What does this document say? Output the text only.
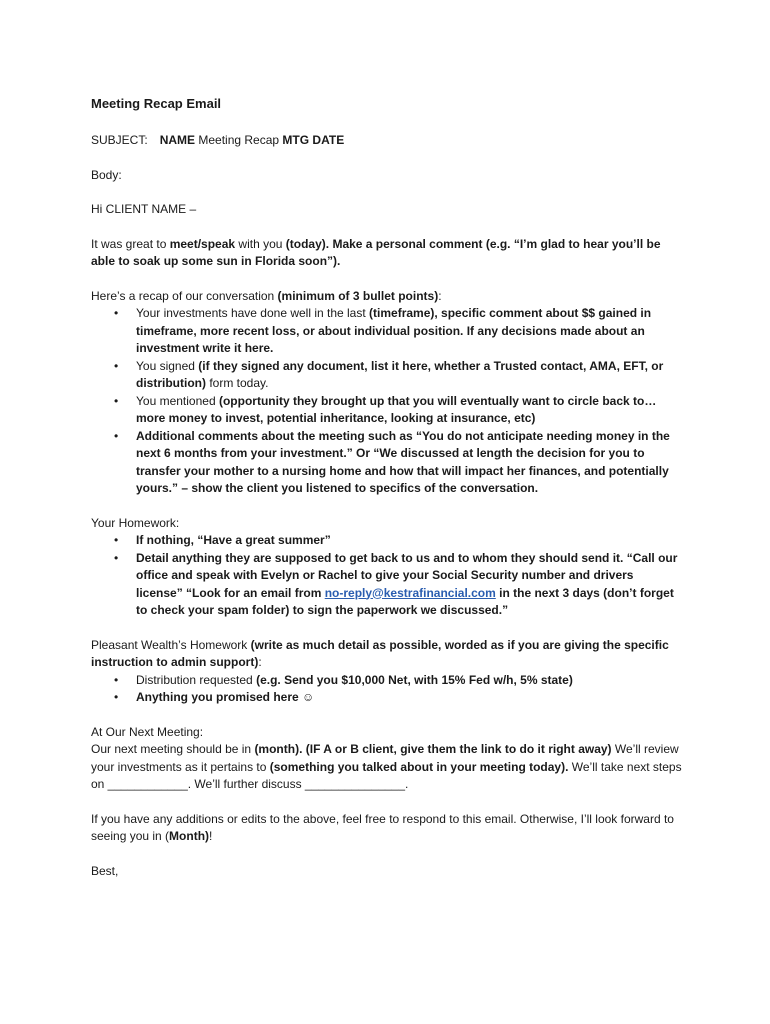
Meeting Recap Email

SUBJECT: NAME Meeting Recap MTG DATE

Body:

Hi CLIENT NAME –

It was great to meet/speak with you (today). Make a personal comment (e.g. “I’m glad to hear you’ll be able to soak up some sun in Florida soon”).

Here’s a recap of our conversation (minimum of 3 bullet points):

• Your investments have done well in the last (timeframe), specific comment about $$ gained in timeframe, more recent loss, or about individual position. If any decisions made about an investment write it here.
• You signed (if they signed any document, list it here, whether a Trusted contact, AMA, EFT, or distribution) form today.
• You mentioned (opportunity they brought up that you will eventually want to circle back to… more money to invest, potential inheritance, looking at insurance, etc)
• Additional comments about the meeting such as “You do not anticipate needing money in the next 6 months from your investment.” Or “We discussed at length the decision for you to transfer your mother to a nursing home and how that will impact her finances, and potentially yours.” – show the client you listened to specifics of the conversation.

Your Homework:

• If nothing, “Have a great summer”
• Detail anything they are supposed to get back to us and to whom they should send it. “Call our office and speak with Evelyn or Rachel to give your Social Security number and drivers license” “Look for an email from no-reply@kestrafinancial.com in the next 3 days (don’t forget to check your spam folder) to sign the paperwork we discussed.”

Pleasant Wealth’s Homework (write as much detail as possible, worded as if you are giving the specific instruction to admin support):

• Distribution requested (e.g. Send you $10,000 Net, with 15% Fed w/h, 5% state)
• Anything you promised here ☺

At Our Next Meeting:

Our next meeting should be in (month). (IF A or B client, give them the link to do it right away) We’ll review your investments as it pertains to (something you talked about in your meeting today). We’ll take next steps on ____________. We’ll further discuss _______________.

If you have any additions or edits to the above, feel free to respond to this email. Otherwise, I’ll look forward to seeing you in (Month)!

Best,
